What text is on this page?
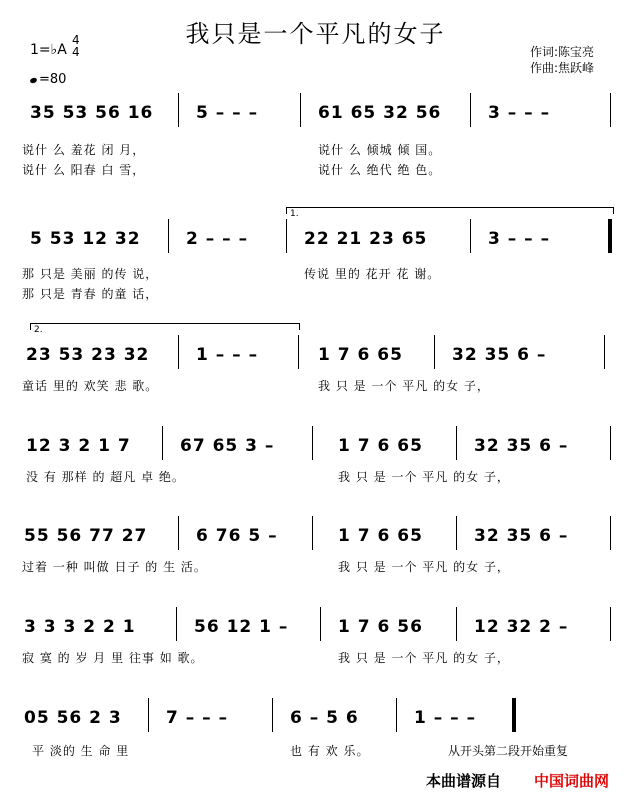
我只是一个平凡的女子
1=♭A
4
4
=80
作词:陈宝亮
作曲:焦跃峰
35 53 56 16	5 – – –	61 65 32 56	3 – – –
说什 么 羞花 闭 月，	说什 么 倾城 倾 国。
说什 么 阳春 白 雪，	说什 么 绝代 绝 色。
1.
5 53 12 32	2 – – –	22 21 23 65	3 – – –
那 只是 美丽 的传 说，	传说 里的 花开 花 谢。
那 只是 青春 的童 话，
2.
23 53 23 32	1 – – –	1 7 6 65	32 35 6 –
童话 里的 欢笑 悲 歌。	我 只 是 一个 平凡 的女 子，
12 3 2 1 7	67 65 3 –	1 7 6 65	32 35 6 –
没 有 那样 的 超凡 卓 绝。	我 只 是 一个 平凡 的女 子，
55 56 77 27	6 76 5 –	1 7 6 65	32 35 6 –
过着 一种 叫做 日子 的 生 活。	我 只 是 一个 平凡 的女 子，
3 3 3 2 2 1	56 12 1 –	1 7 6 56	12 32 2 –
寂 寞 的 岁 月 里 往事 如 歌。	我 只 是 一个 平凡 的女 子，
05 56 2 3	7 – – –	6 – 5 6	1 – – –
平 淡的 生 命 里	也 有 欢 乐。	从开头第二段开始重复
本曲谱源自 中国词曲网
